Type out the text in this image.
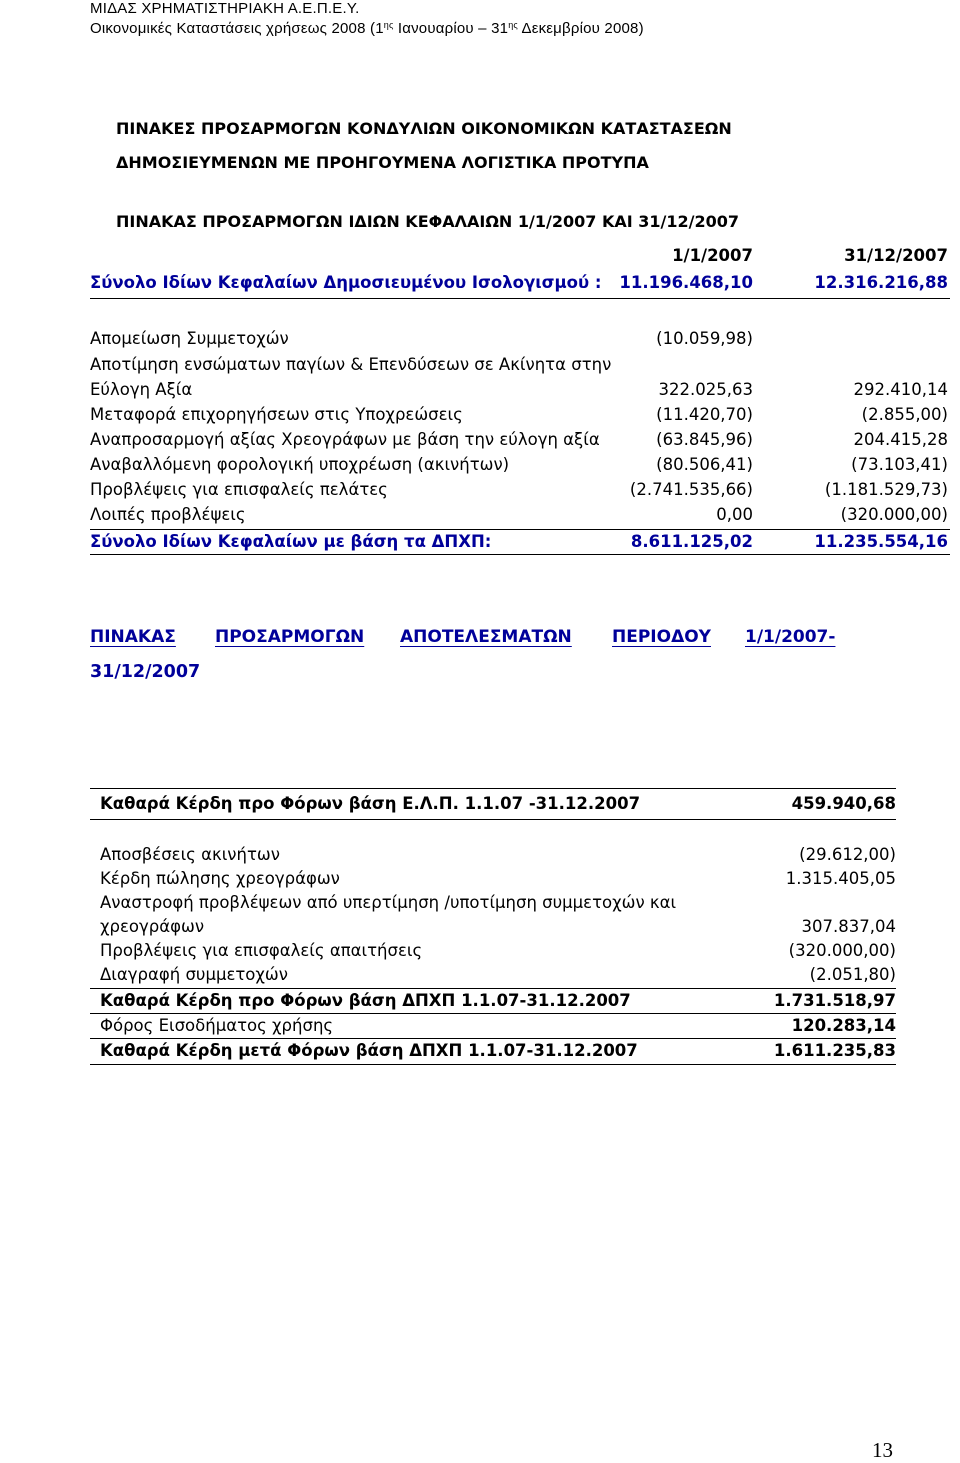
ΜΙΔΑΣ ΧΡΗΜΑΤΙΣΤΗΡΙΑΚΗ Α.Ε.Π.Ε.Υ.
Οικονομικές Καταστάσεις χρήσεως 2008 ($1^{\eta\varsigma}$ Ιανουαρίου – $31^{\eta\varsigma}$ Δεκεμβρίου 2008)
ΠΙΝΑΚΕΣ ΠΡΟΣΑΡΜΟΓΩΝ ΚΟΝΔΥΛΙΩΝ ΟΙΚΟΝΟΜΙΚΩΝ ΚΑΤΑΣΤΑΣΕΩΝ
ΔΗΜΟΣΙΕΥΜΕΝΩΝ ΜΕ ΠΡΟΗΓΟΥΜΕΝΑ ΛΟΓΙΣΤΙΚΑ ΠΡΟΤΥΠΑ
ΠΙΝΑΚΑΣ ΠΡΟΣΑΡΜΟΓΩΝ ΙΔΙΩΝ ΚΕΦΑΛΑΙΩΝ 1/1/2007 ΚΑΙ 31/12/2007
1/1/2007	31/12/2007
Σύνολο Ιδίων Κεφαλαίων Δημοσιευμένου Ισολογισμού : 11.196.468,10	12.316.216,88
Απομείωση Συμμετοχών	(10.059,98)
Αποτίμηση ενσώματων παγίων & Επενδύσεων σε Ακίνητα στην
Εύλογη Αξία	322.025,63	292.410,14
Μεταφορά επιχορηγήσεων στις Υποχρεώσεις	(11.420,70)	(2.855,00)
Αναπροσαρμογή αξίας Χρεογράφων με βάση την εύλογη αξία	(63.845,96)	204.415,28
Αναβαλλόμενη φορολογική υποχρέωση (ακινήτων)	(80.506,41)	(73.103,41)
Προβλέψεις για επισφαλείς πελάτες	(2.741.535,66)	(1.181.529,73)
Λοιπές προβλέψεις	0,00	(320.000,00)
Σύνολο Ιδίων Κεφαλαίων με βάση τα ΔΠΧΠ:	8.611.125,02	11.235.554,16
ΠΙΝΑΚΑΣ ΠΡΟΣΑΡΜΟΓΩΝ ΑΠΟΤΕΛΕΣΜΑΤΩΝ ΠΕΡΙΟΔΟΥ 1/1/2007-
31/12/2007
Καθαρά Κέρδη προ Φόρων βάση Ε.Λ.Π. 1.1.07 -31.12.2007	459.940,68
Αποσβέσεις ακινήτων	(29.612,00)
Κέρδη πώλησης χρεογράφων	1.315.405,05
Αναστροφή προβλέψεων από υπερτίμηση /υποτίμηση συμμετοχών και
χρεογράφων	307.837,04
Προβλέψεις για επισφαλείς απαιτήσεις	(320.000,00)
Διαγραφή συμμετοχών	(2.051,80)
Καθαρά Κέρδη προ Φόρων βάση ΔΠΧΠ 1.1.07-31.12.2007	1.731.518,97
Φόρος Εισοδήματος χρήσης	120.283,14
Καθαρά Κέρδη μετά Φόρων βάση ΔΠΧΠ 1.1.07-31.12.2007	1.611.235,83
13
